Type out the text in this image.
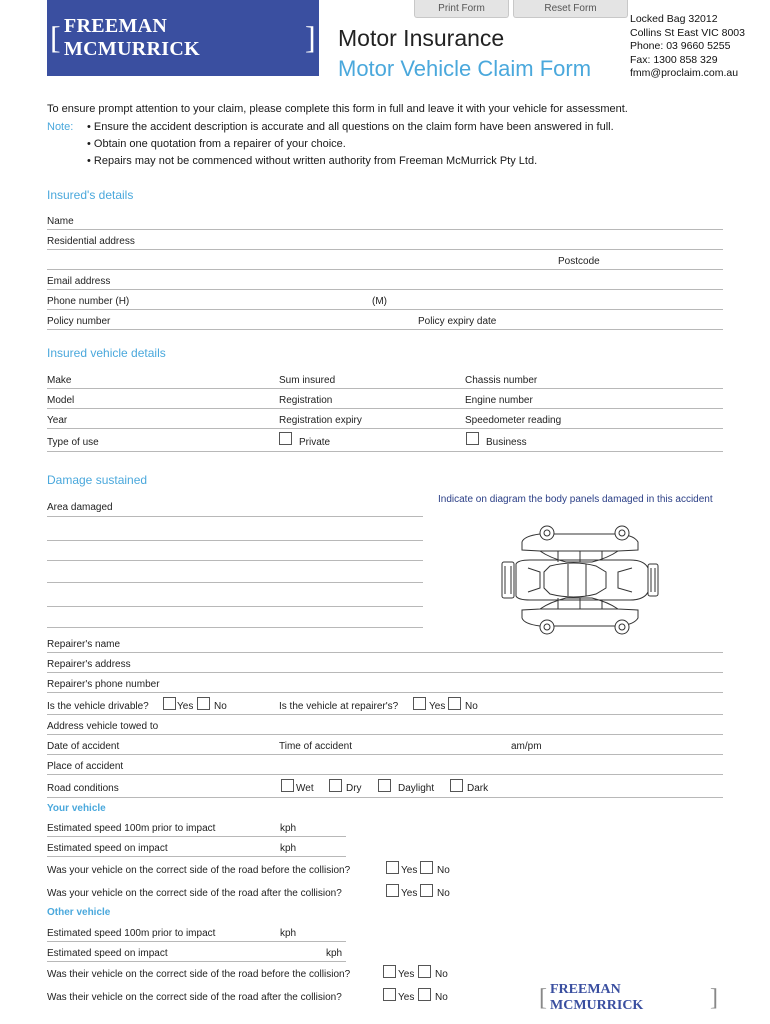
[ FREEMAN MCMURRICK	]
Print Form	Reset Form
Motor Insurance
Motor Vehicle Claim Form
Locked Bag 32012
Collins St East VIC 8003
Phone: 03 9660 5255
Fax: 1300 858 329
fmm@proclaim.com.au
To ensure prompt attention to your claim, please complete this form in full and leave it with your vehicle for assessment.
Note: • Ensure the accident description is accurate and all questions on the claim form have been answered in full.
• Obtain one quotation from a repairer of your choice.
• Repairs may not be commenced without written authority from Freeman McMurrick Pty Ltd.
Insured's details
Name
Residential address
Postcode
Email address
Phone number (H)	(M)
Policy number	Policy expiry date
Insured vehicle details
Make	Sum insured	Chassis number
Model	Registration	Engine number
Year	Registration expiry	Speedometer reading
Type of use	Private	Business
Damage sustained
Area damaged
Indicate on diagram the body panels damaged in this accident
Repairer's name
Repairer's address
Repairer's phone number
Is the vehicle drivable?	Yes No	Is the vehicle at repairer's?	Yes No
Address vehicle towed to
Date of accident	Time of accident	am/pm
Place of accident
Road conditions	Wet	Dry	Daylight	Dark
Your vehicle
Estimated speed 100m prior to impact	kph
Estimated speed on impact	kph
Was your vehicle on the correct side of the road before the collision?	Yes No
Was your vehicle on the correct side of the road after the collision?	Yes No
Other vehicle
Estimated speed 100m prior to impact	kph
Estimated speed on impact	kph
Was their vehicle on the correct side of the road before the collision?	Yes No
Was their vehicle on the correct side of the road after the collision?	Yes No	[ FREEMAN MCMURRICK	]
